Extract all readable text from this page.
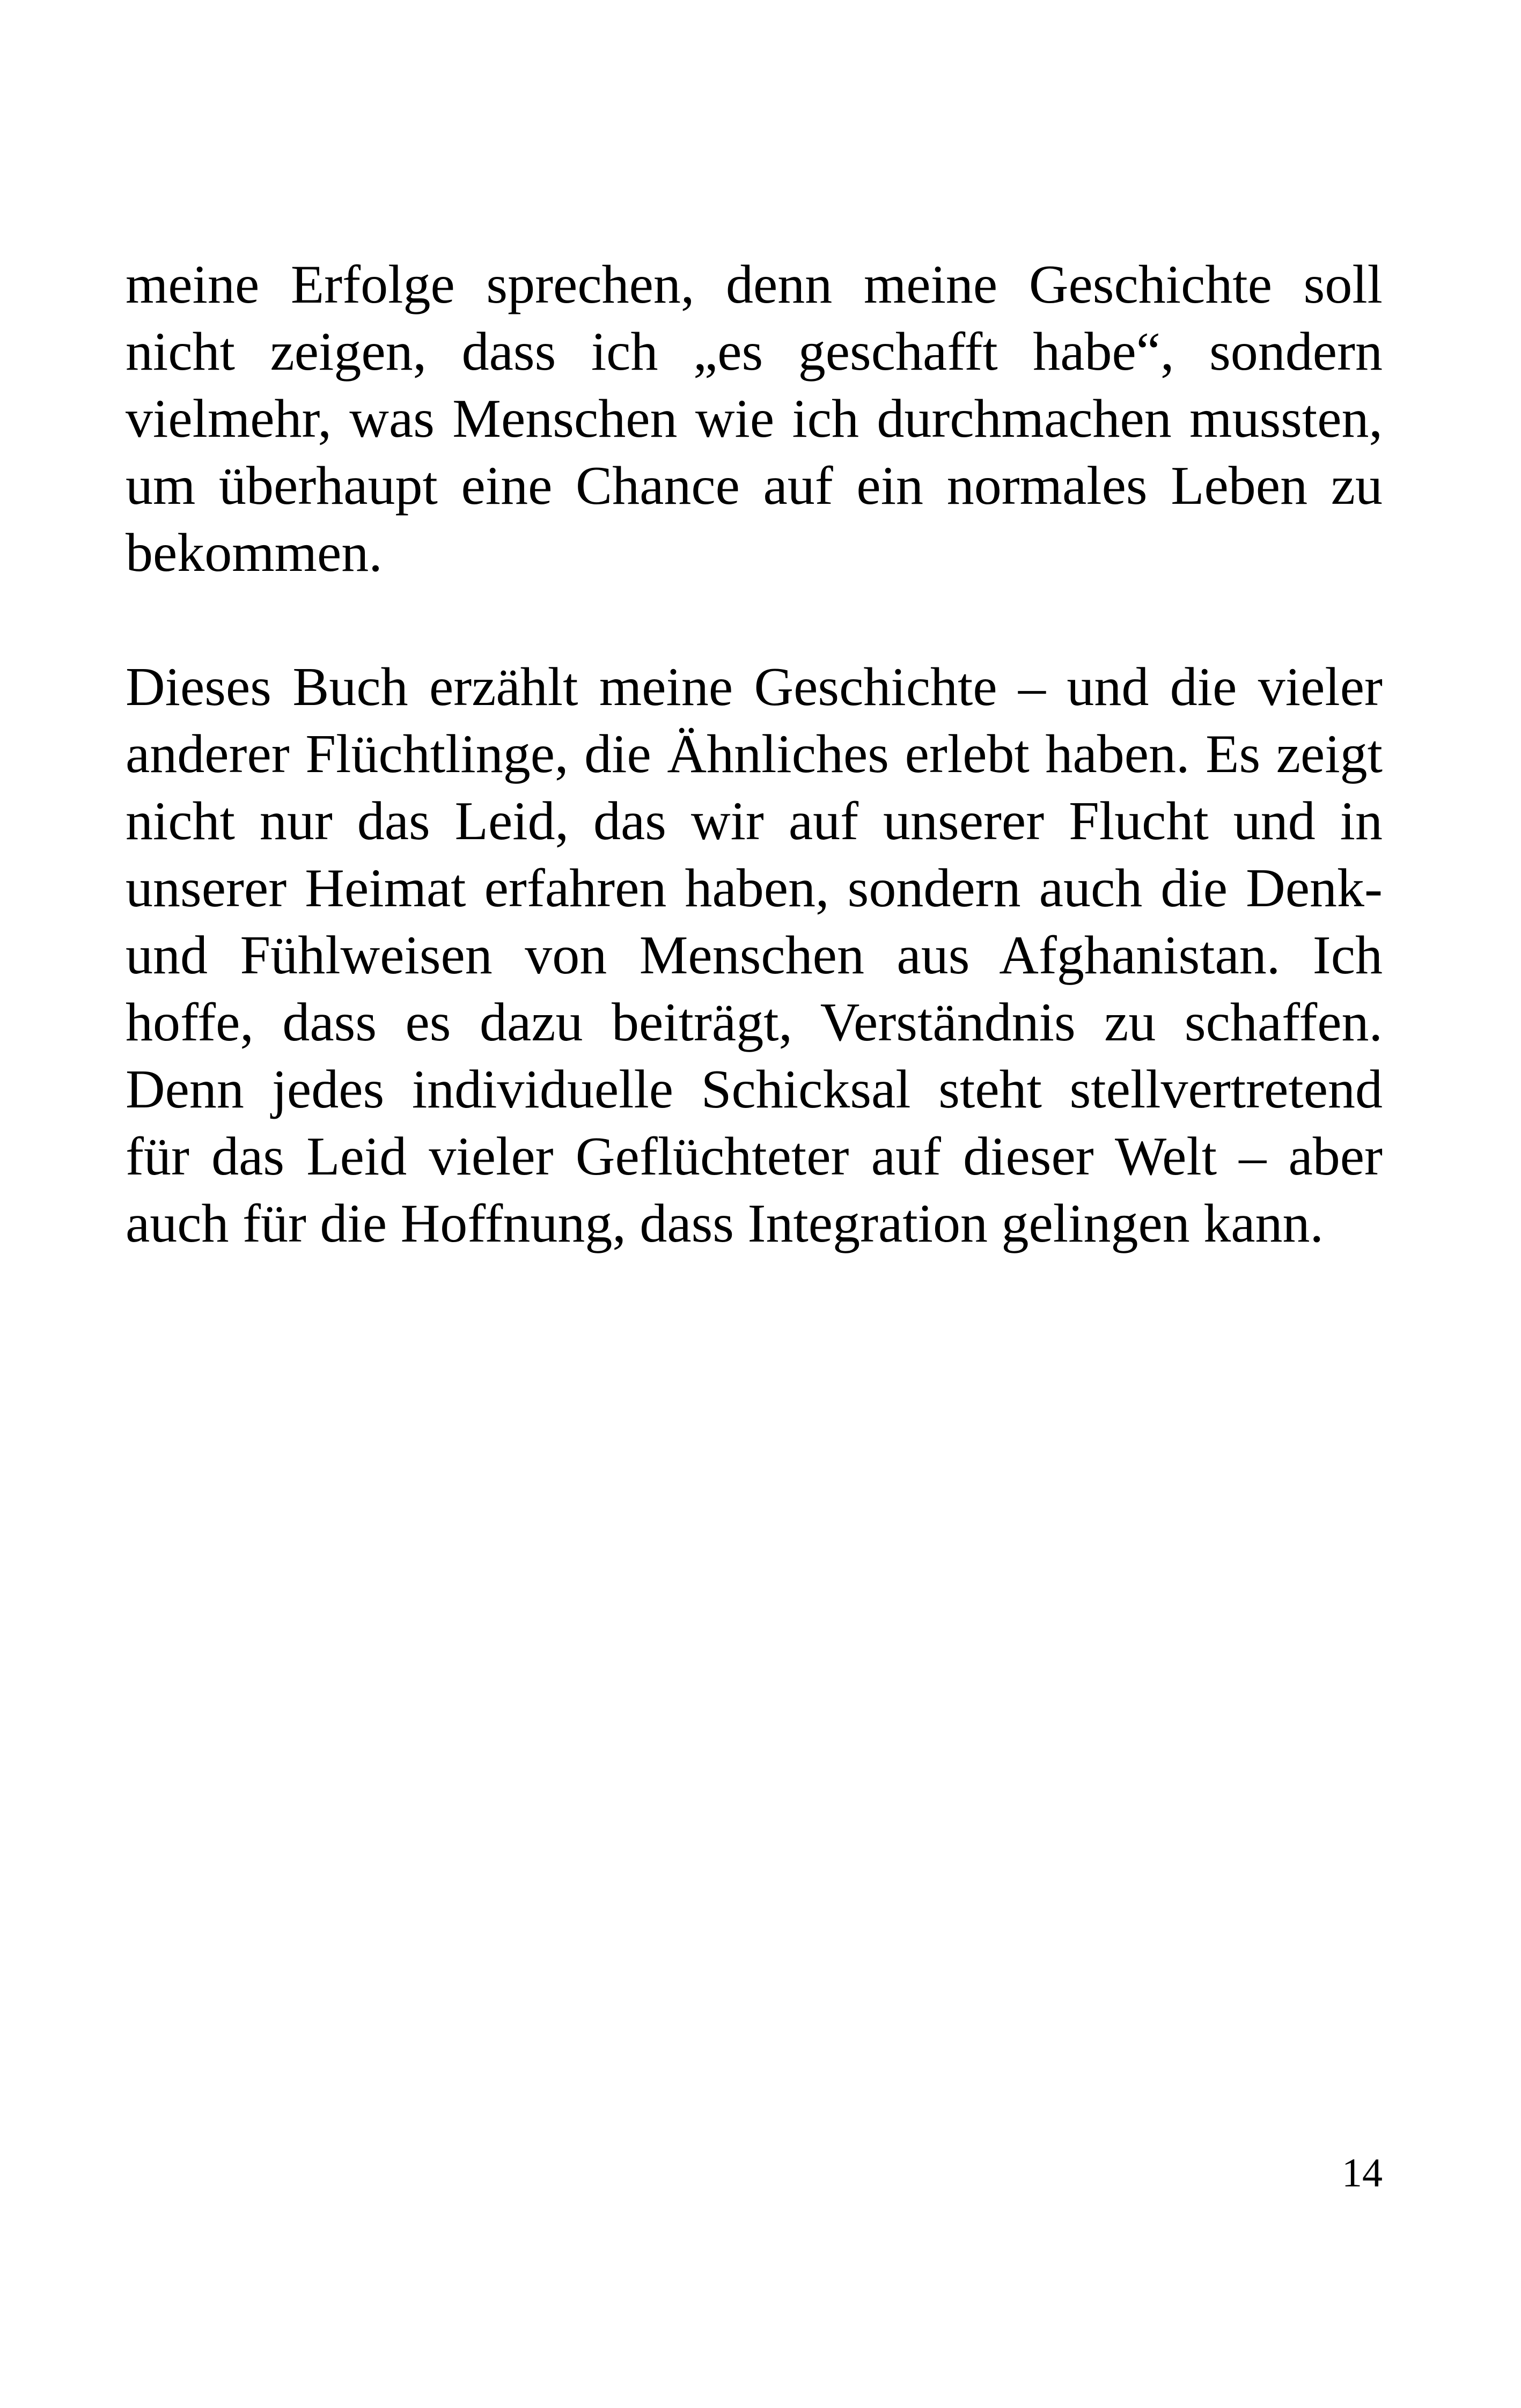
meine Erfolge sprechen, denn meine Geschichte soll nicht zeigen, dass ich „es geschafft habe“, sondern vielmehr, was Menschen wie ich durchmachen mussten, um überhaupt eine Chance auf ein normales Leben zu bekommen.

Dieses Buch erzählt meine Geschichte – und die vieler anderer Flüchtlinge, die Ähnliches erlebt haben. Es zeigt nicht nur das Leid, das wir auf unserer Flucht und in unserer Heimat erfahren haben, sondern auch die Denk- und Fühlweisen von Menschen aus Afghanistan. Ich hoffe, dass es dazu beiträgt, Verständnis zu schaffen. Denn jedes individuelle Schicksal steht stellvertretend für das Leid vieler Geflüchteter auf dieser Welt – aber auch für die Hoffnung, dass Integration gelingen kann.

14
